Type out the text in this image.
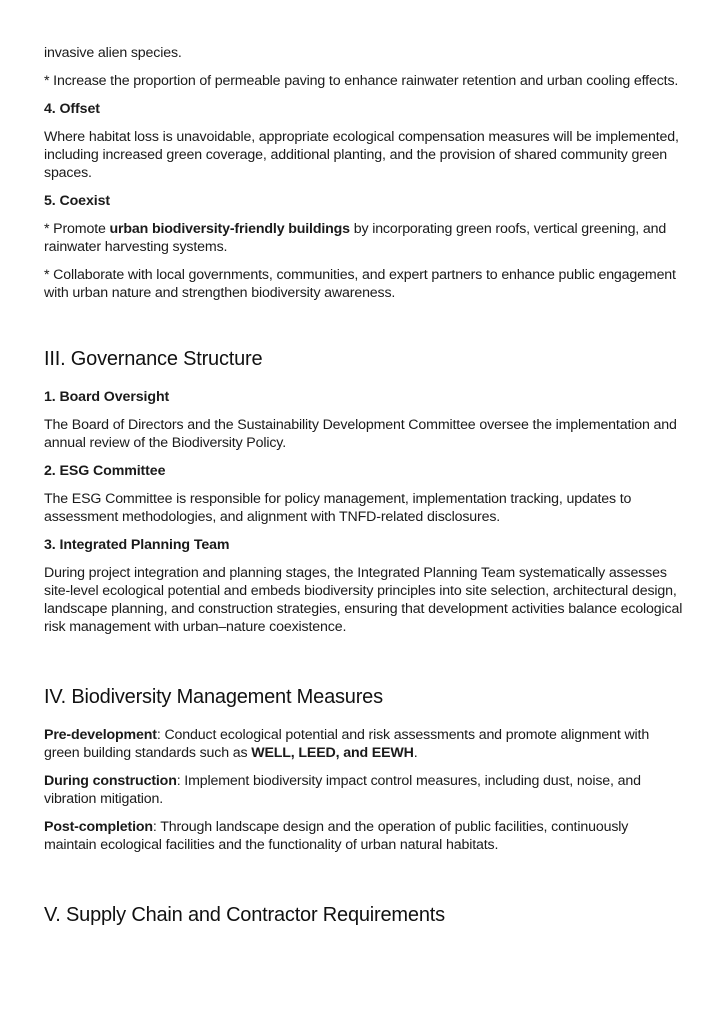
invasive alien species.

* Increase the proportion of permeable paving to enhance rainwater retention and urban cooling effects.

4. Offset

Where habitat loss is unavoidable, appropriate ecological compensation measures will be implemented, including increased green coverage, additional planting, and the provision of shared community green spaces.

5. Coexist

* Promote urban biodiversity-friendly buildings by incorporating green roofs, vertical greening, and rainwater harvesting systems.

* Collaborate with local governments, communities, and expert partners to enhance public engagement with urban nature and strengthen biodiversity awareness.

III. Governance Structure
1. Board Oversight

The Board of Directors and the Sustainability Development Committee oversee the implementation and annual review of the Biodiversity Policy.

2. ESG Committee

The ESG Committee is responsible for policy management, implementation tracking, updates to assessment methodologies, and alignment with TNFD-related disclosures.

3. Integrated Planning Team

During project integration and planning stages, the Integrated Planning Team systematically assesses site-level ecological potential and embeds biodiversity principles into site selection, architectural design, landscape planning, and construction strategies, ensuring that development activities balance ecological risk management with urban–nature coexistence.

IV. Biodiversity Management Measures

Pre-development: Conduct ecological potential and risk assessments and promote alignment with green building standards such as WELL, LEED, and EEWH.

During construction: Implement biodiversity impact control measures, including dust, noise, and vibration mitigation.

Post-completion: Through landscape design and the operation of public facilities, continuously maintain ecological facilities and the functionality of urban natural habitats.

V. Supply Chain and Contractor Requirements
